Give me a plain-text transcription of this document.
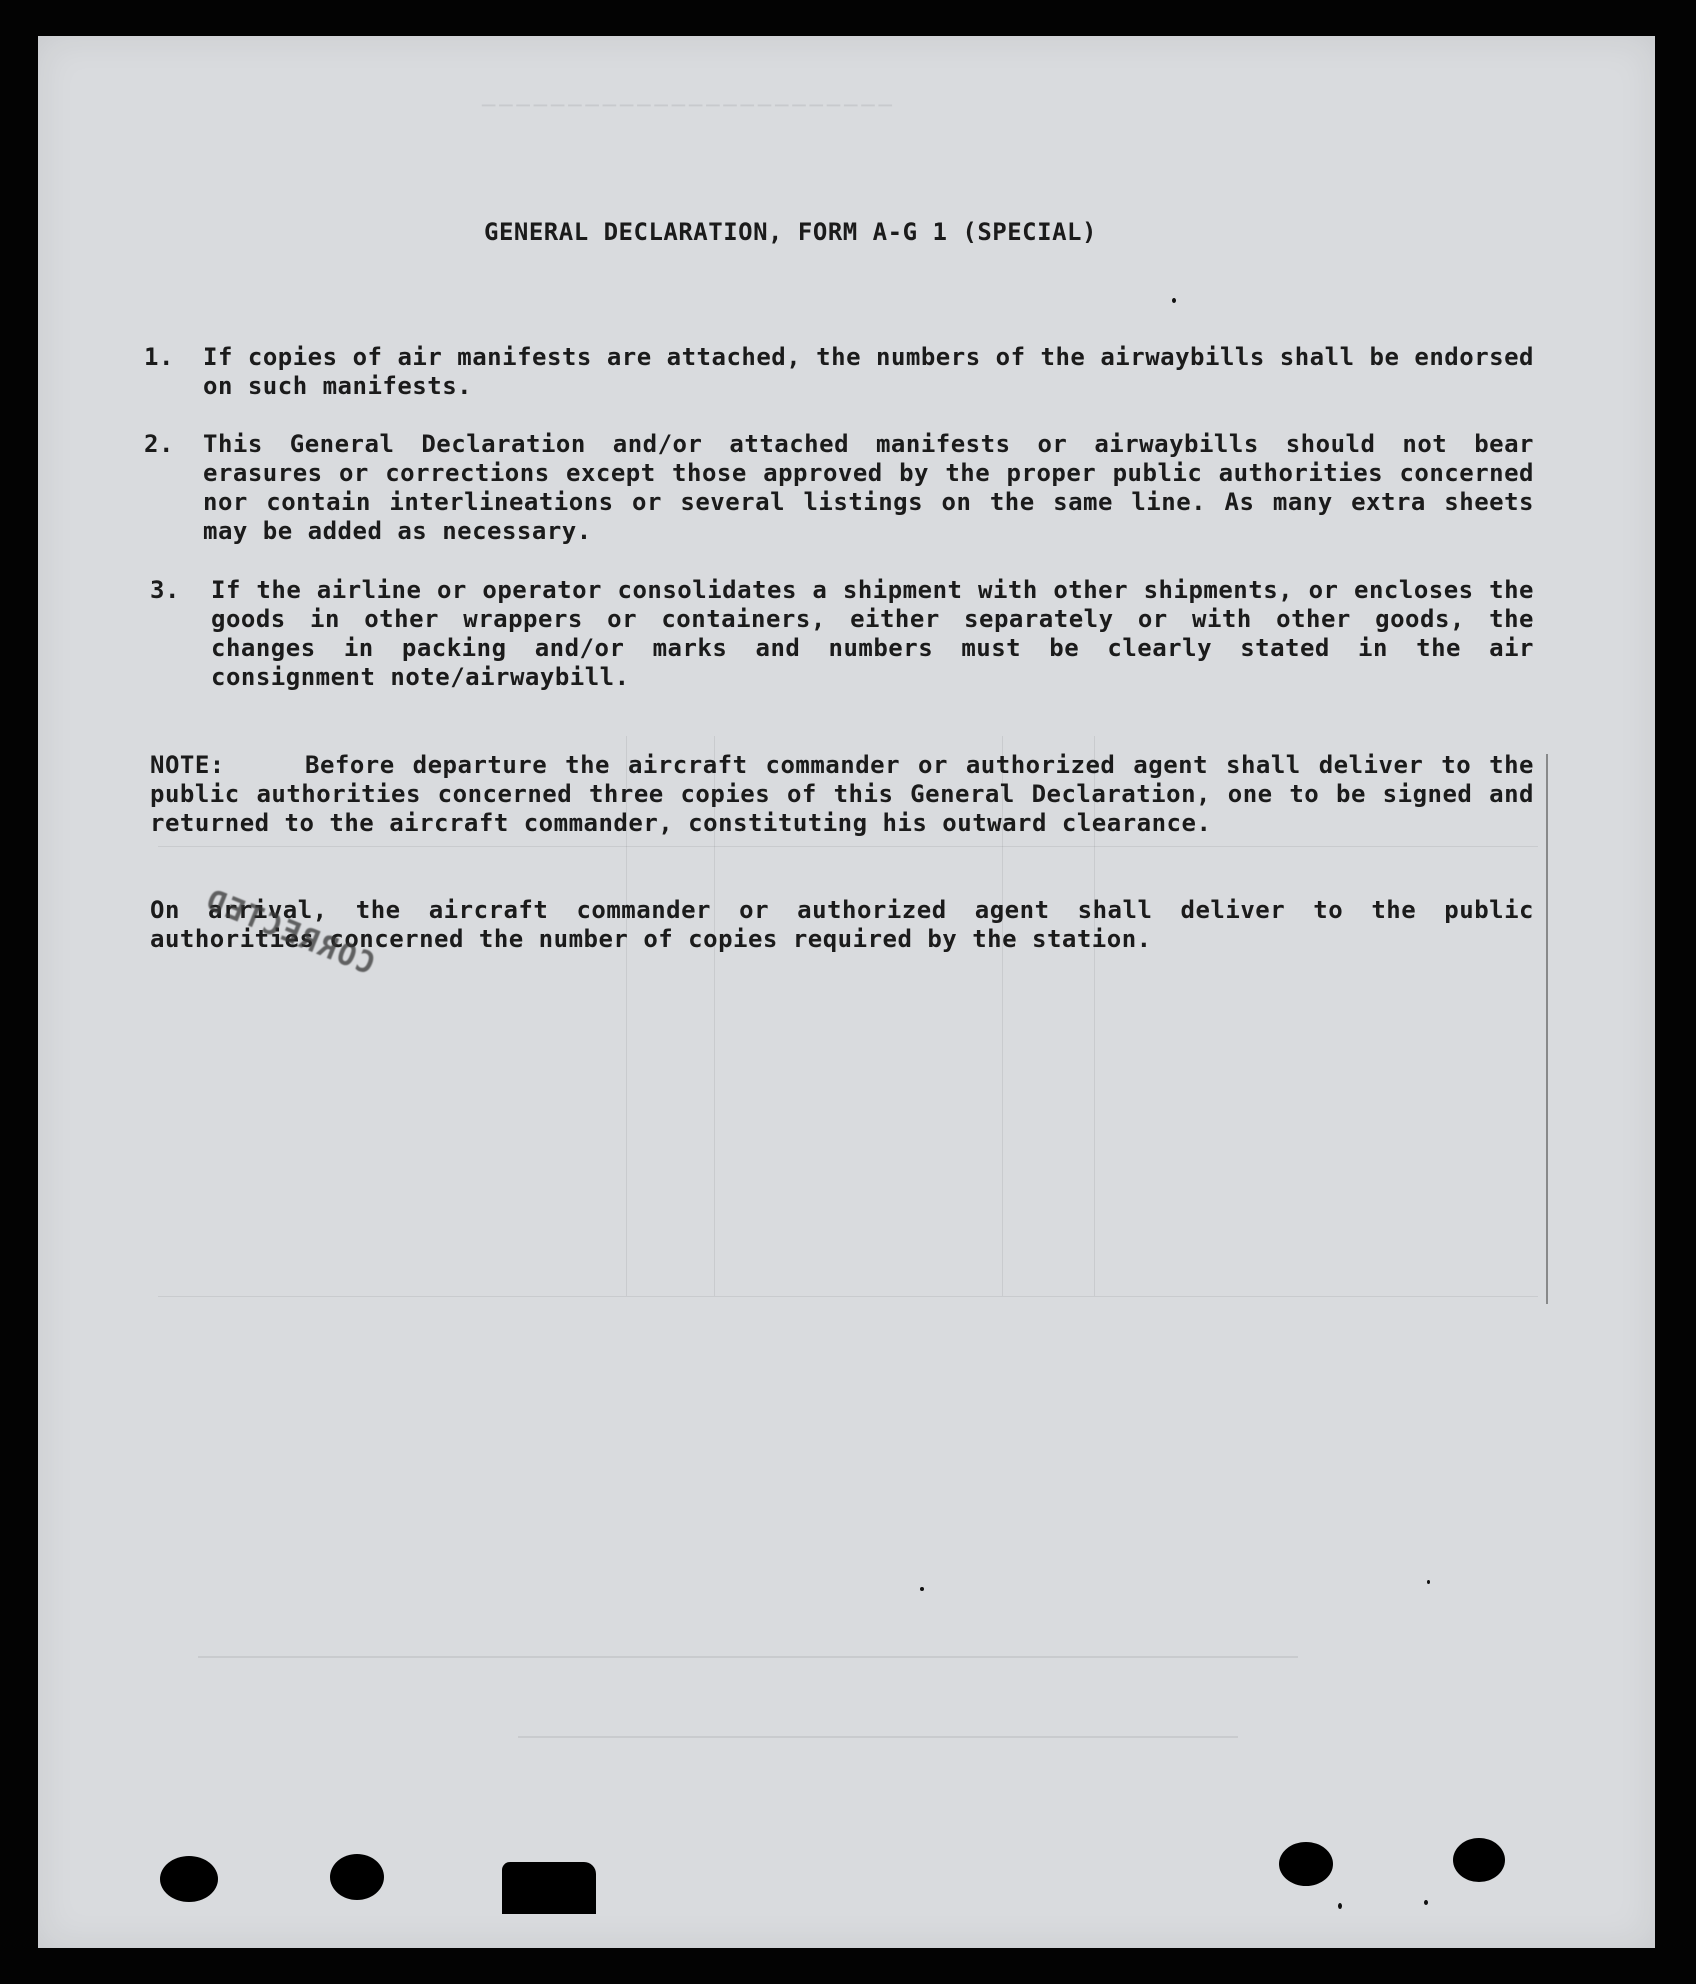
────────────────────────
GENERAL DECLARATION, FORM A-G 1 (SPECIAL)
1.	If copies of air manifests are attached, the numbers of the airwaybills shall be endorsed on such manifests.
2.	This General Declaration and/or attached manifests or airwaybills should not bear erasures or corrections except those approved by the proper public authorities concerned nor contain interlineations or several listings on the same line. As many extra sheets may be added as necessary.
3.	If the airline or operator consolidates a shipment with other shipments, or encloses the goods in other wrappers or containers, either separately or with other goods, the changes in packing and/or marks and numbers must be clearly stated in the air consignment note/airwaybill.
NOTE:	Before departure the aircraft commander or authorized agent shall deliver to the public authorities concerned three copies of this General Declaration, one to be signed and returned to the aircraft commander, constituting his outward clearance.
On arrival, the aircraft commander or authorized agent shall deliver to the public authorities concerned the number of copies required by the station.
CORRECTED
